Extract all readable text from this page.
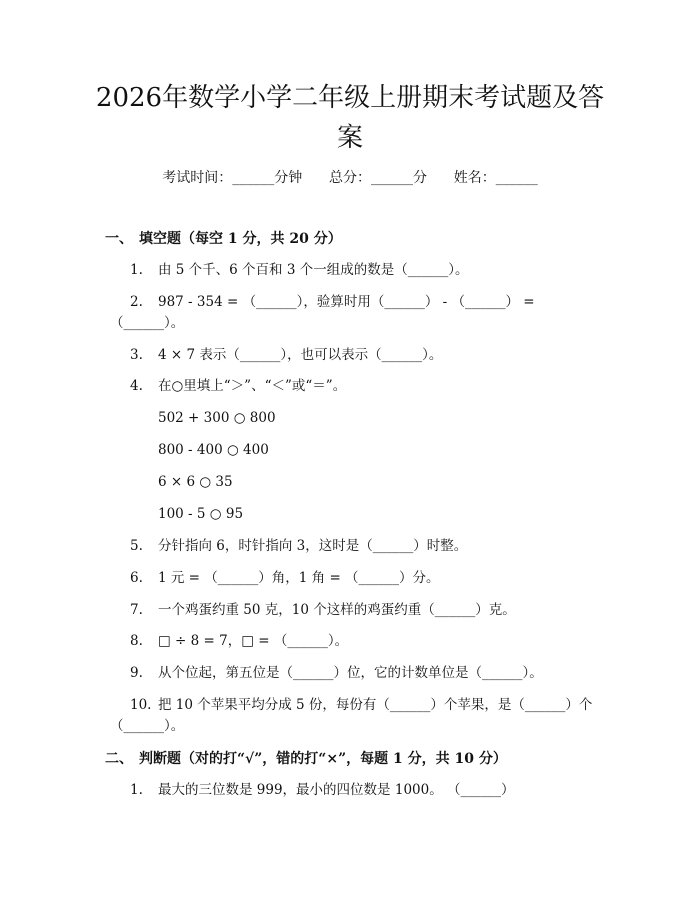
2026年数学小学二年级上册期末考试题及答
案
考试时间：______分钟      总分：______分      姓名：______
一、 填空题（每空 1 分，共 20 分）
1. 由 5 个千、6 个百和 3 个一组成的数是（______）。
2. 987 - 354 = （______），验算时用（______） - （______） =
（______）。
3. 4 × 7 表示（______），也可以表示（______）。
4. 在○里填上“＞”、“＜”或“＝”。
502 + 300 ○ 800
800 - 400 ○ 400
6 × 6 ○ 35
100 - 5 ○ 95
5. 分针指向 6，时针指向 3，这时是（______）时整。
6. 1 元 = （______）角，1 角 = （______）分。
7. 一个鸡蛋约重 50 克，10 个这样的鸡蛋约重（______）克。
8. □ ÷ 8 = 7，□ = （______）。
9. 从个位起，第五位是（______）位，它的计数单位是（______）。
10. 把 10 个苹果平均分成 5 份，每份有（______）个苹果，是（______）个
（______）。
二、 判断题（对的打“√”，错的打“×”，每题 1 分，共 10 分）
1. 最大的三位数是 999，最小的四位数是 1000。 （______）
